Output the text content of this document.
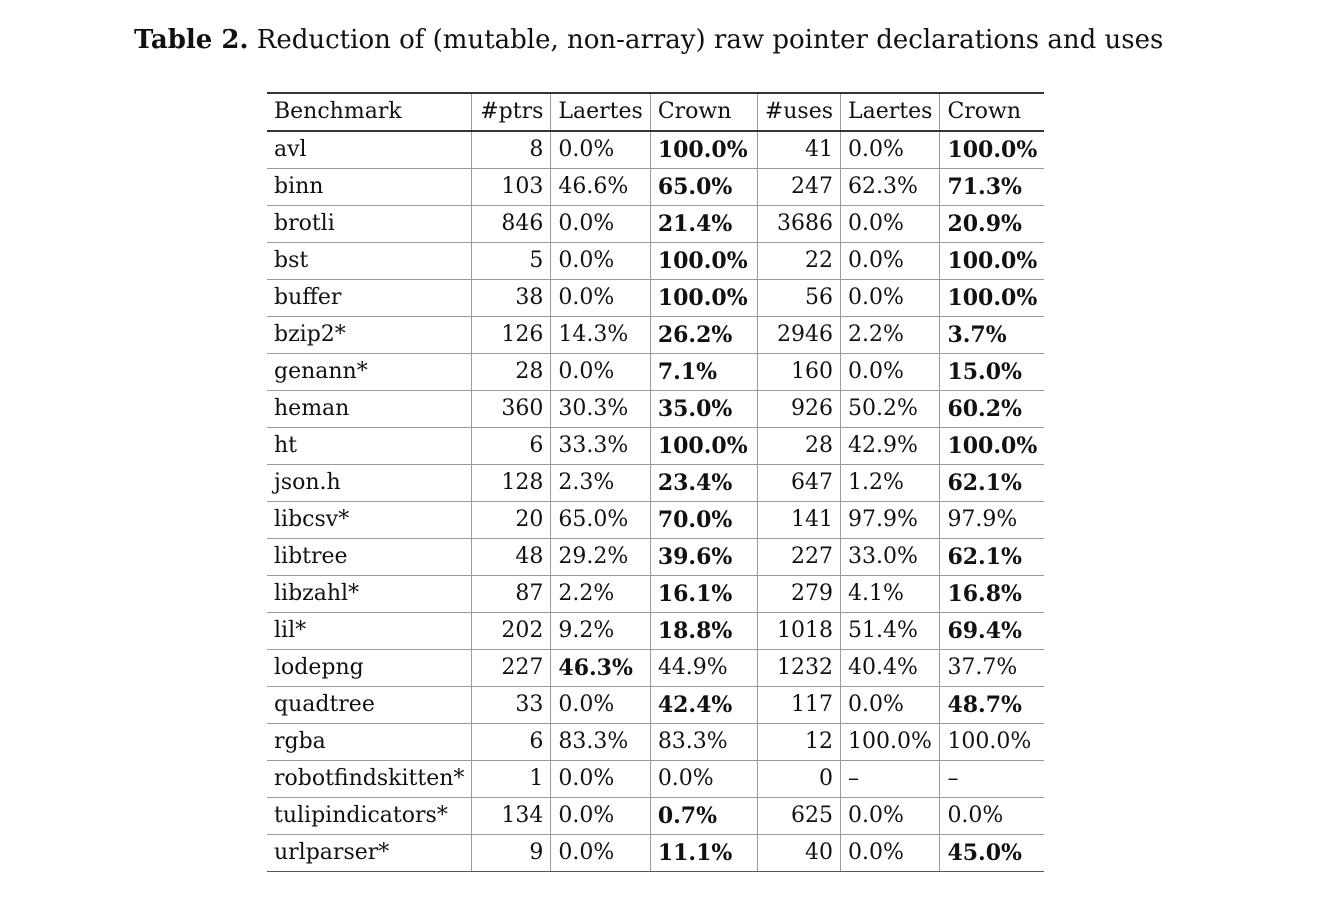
Table 2. Reduction of (mutable, non-array) raw pointer declarations and uses
Benchmark	#ptrs	Laertes	Crown	#uses	Laertes	Crown
avl	8	0.0%	100.0%	41	0.0%	100.0%
binn	103	46.6%	65.0%	247	62.3%	71.3%
brotli	846	0.0%	21.4%	3686	0.0%	20.9%
bst	5	0.0%	100.0%	22	0.0%	100.0%
buffer	38	0.0%	100.0%	56	0.0%	100.0%
bzip2*	126	14.3%	26.2%	2946	2.2%	3.7%
genann*	28	0.0%	7.1%	160	0.0%	15.0%
heman	360	30.3%	35.0%	926	50.2%	60.2%
ht	6	33.3%	100.0%	28	42.9%	100.0%
json.h	128	2.3%	23.4%	647	1.2%	62.1%
libcsv*	20	65.0%	70.0%	141	97.9%	97.9%
libtree	48	29.2%	39.6%	227	33.0%	62.1%
libzahl*	87	2.2%	16.1%	279	4.1%	16.8%
lil*	202	9.2%	18.8%	1018	51.4%	69.4%
lodepng	227	46.3%	44.9%	1232	40.4%	37.7%
quadtree	33	0.0%	42.4%	117	0.0%	48.7%
rgba	6	83.3%	83.3%	12	100.0%	100.0%
robotfindskitten*	1	0.0%	0.0%	0	–	–
tulipindicators*	134	0.0%	0.7%	625	0.0%	0.0%
urlparser*	9	0.0%	11.1%	40	0.0%	45.0%
